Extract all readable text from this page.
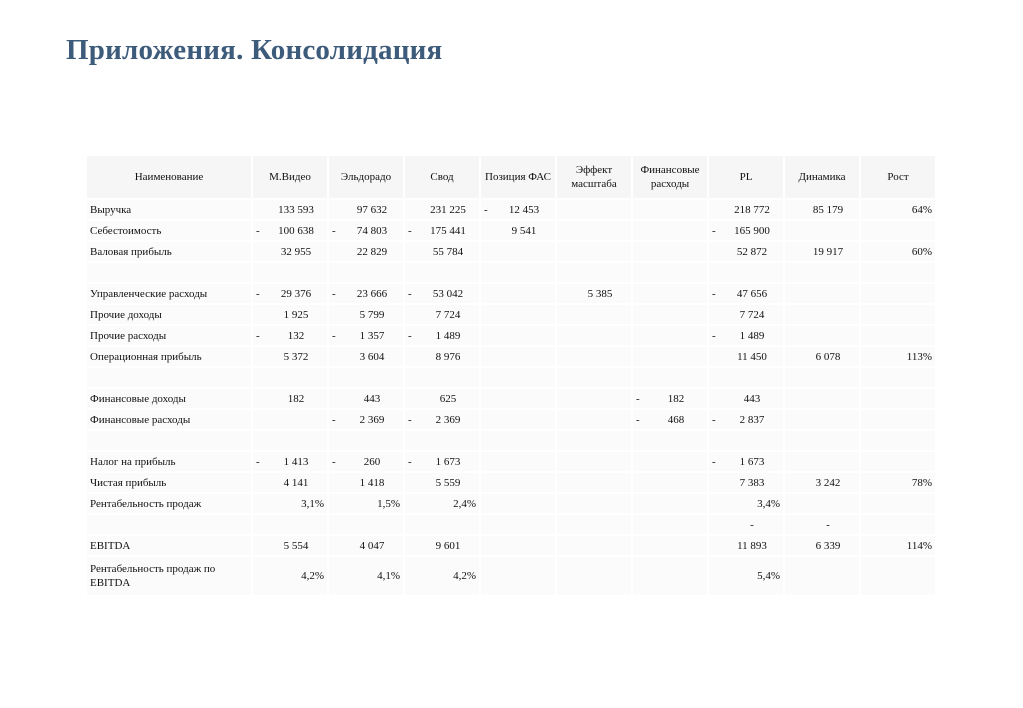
Приложения. Консолидация
Наименование	М.Видео	Эльдорадо	Свод	Позиция ФАС	Эффект масштаба	Финансовые расходы	PL	Динамика	Рост
Выручка	133 593	97 632	231 225	- 12 453			218 772	85 179	64%

Себестоимость	- 100 638	- 74 803	- 175 441	9 541			- 165 900		

Валовая прибыль	32 955	22 829	55 784				52 872	19 917	60%

Управленческие расходы	- 29 376	- 23 666	- 53 042		5 385		- 47 656		

Прочие доходы	1 925	5 799	7 724				7 724		

Прочие расходы	- 132	- 1 357	- 1 489				- 1 489		

Операционная прибыль	5 372	3 604	8 976				11 450	6 078	113%

Финансовые доходы	182	443	625			- 182	443		

Финансовые расходы		- 2 369	- 2 369			- 468	- 2 837		

Налог на прибыль	- 1 413	- 260	- 1 673				- 1 673		

Чистая прибыль	4 141	1 418	5 559				7 383	3 242	78%

Рентабельность продаж	3,1%	1,5%	2,4%				3,4%		

							-	-	

EBITDA	5 554	4 047	9 601				11 893	6 339	114%

Рентабельность продаж по EBITDA	4,2%	4,1%	4,2%				5,4%		
